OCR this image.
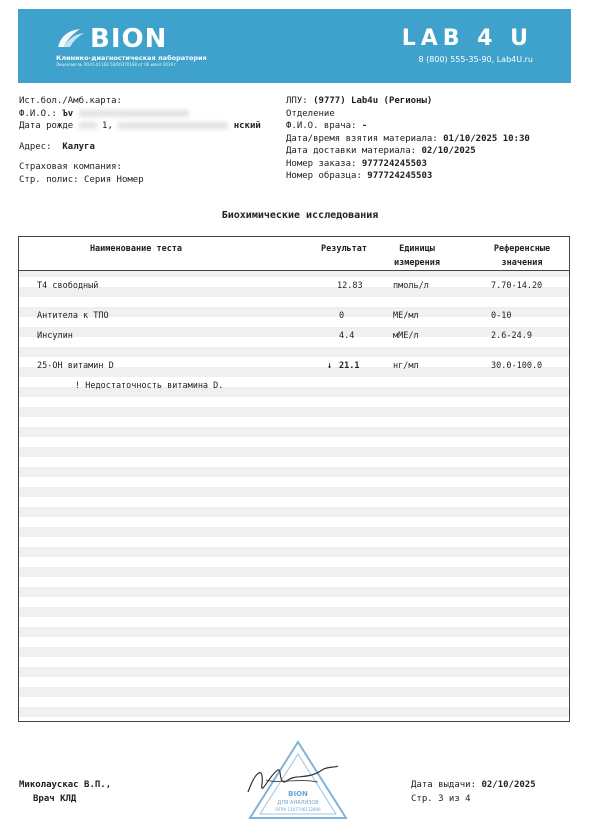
BION
Клинико-диагностическая лаборатория
Лицензия № ЛО41-01162-50/00370168 от 06 июня 2019 г.
LAB 4 U
8 (800) 555-35-90, Lab4U.ru
Ист.бол./Амб.карта:
Ф.И.О.: Ъv
Дата рожде	1,	нский
Адрес: Калуга
Страховая компания:
Стр. полис: Серия Номер
ЛПУ: (9777) Lab4u (Регионы)
Отделение
Ф.И.О. врача: -
Дата/время взятия материала: 01/10/2025 10:30
Дата доставки материала: 02/10/2025
Номер заказа: 977724245503
Номер образца: 977724245503
Биохимические исследования
Наименование теста	Результат	Единицы
измерения
Референсные
значения
Т4 свободный	12.83	пмоль/л	7.70-14.20
Антитела к ТПО	0	МЕ/мл	0-10
Инсулин	4.4	мМЕ/л	2.6-24.9
25-OH витамин D	↓ 21.1	нг/мл	30.0-100.0
! Недостаточность витамина D.
Миколаускас В.П.,
Врач КЛД	BION
ДЛЯ АНАЛИЗОВ
ОГРН 1107746112866
Дата выдачи: 02/10/2025
Стр. 3 из 4
